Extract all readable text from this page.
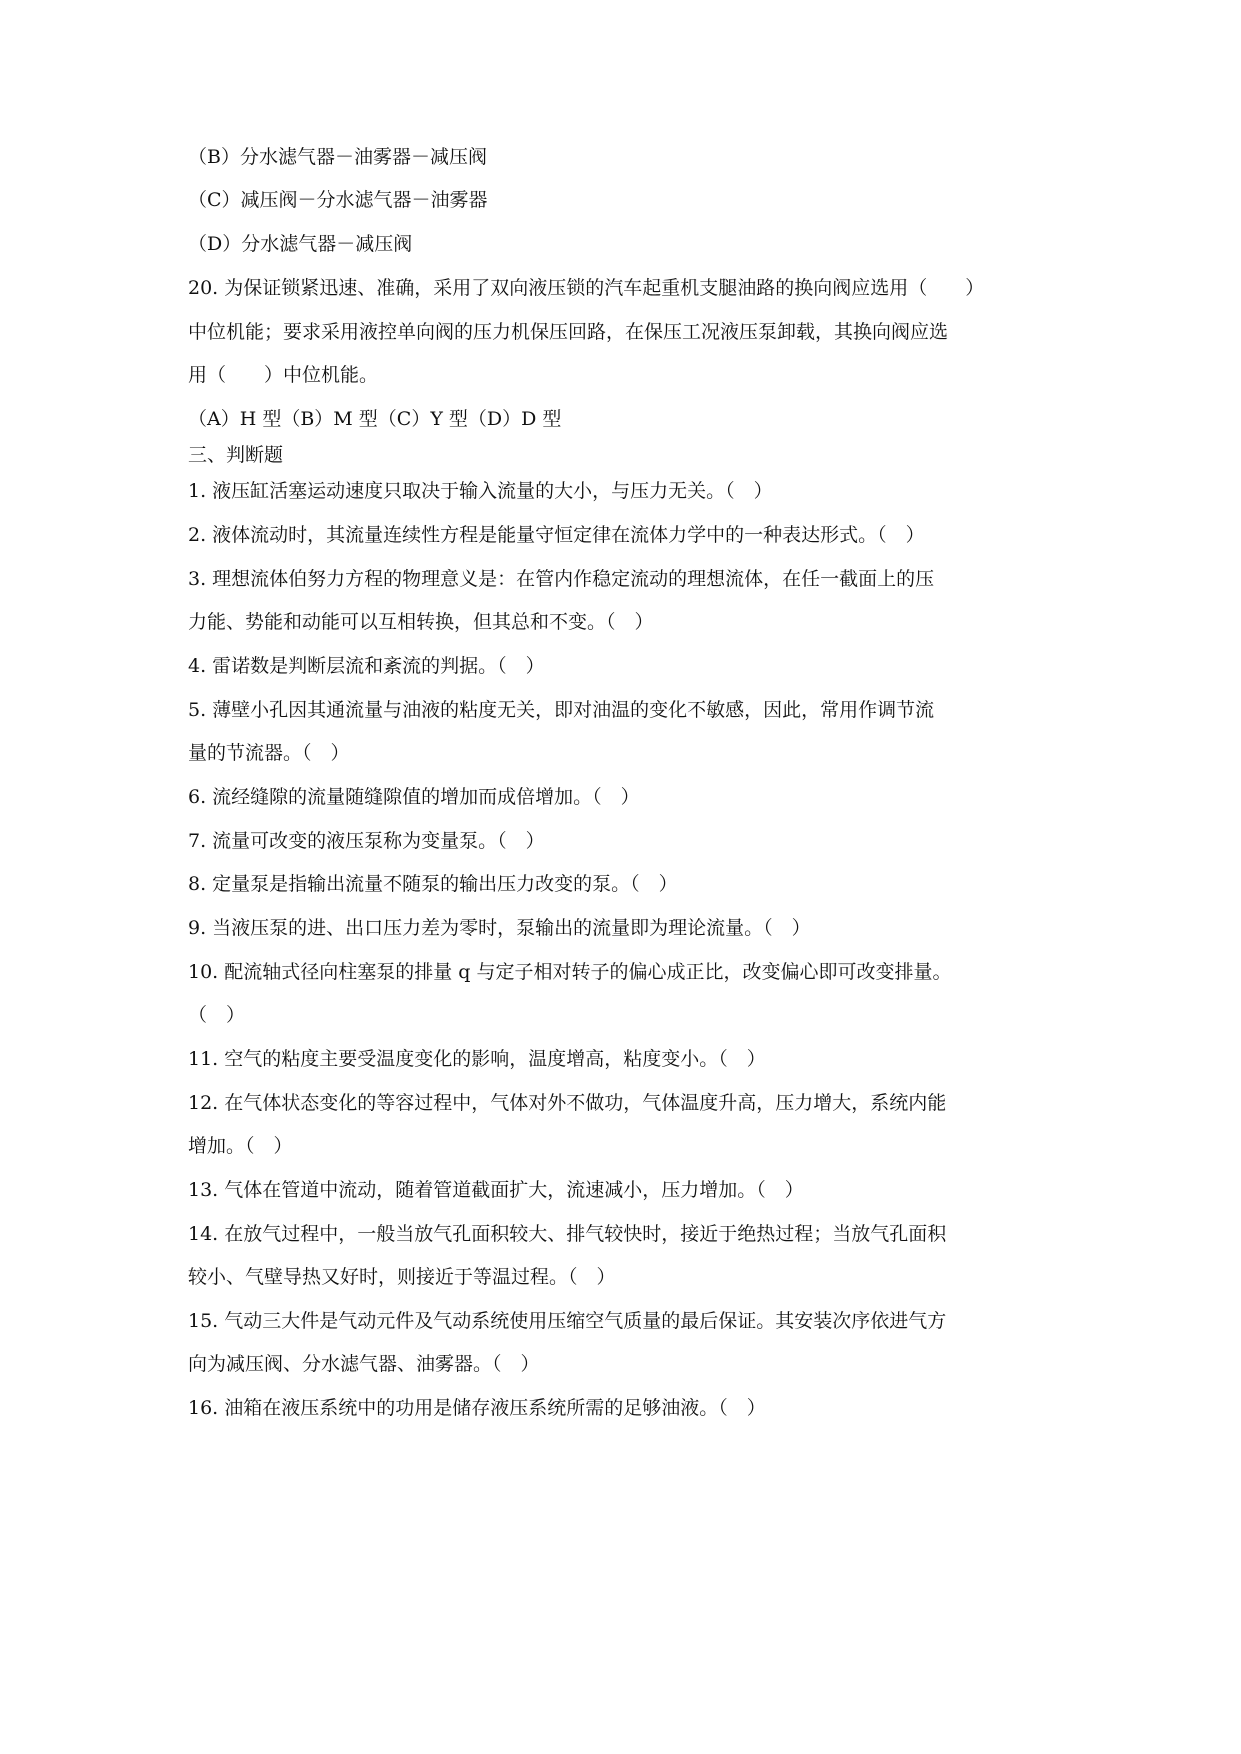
（B）分水滤气器－油雾器－减压阀
（C）减压阀－分水滤气器－油雾器
（D）分水滤气器－减压阀
20. 为保证锁紧迅速、准确，采用了双向液压锁的汽车起重机支腿油路的换向阀应选用（　　）
中位机能；要求采用液控单向阀的压力机保压回路，在保压工况液压泵卸载，其换向阀应选
用（　　）中位机能。
（A）H 型（B）M 型（C）Y 型（D）D 型
三、判断题
1. 液压缸活塞运动速度只取决于输入流量的大小，与压力无关。（　）
2. 液体流动时，其流量连续性方程是能量守恒定律在流体力学中的一种表达形式。（　）
3. 理想流体伯努力方程的物理意义是：在管内作稳定流动的理想流体，在任一截面上的压
力能、势能和动能可以互相转换，但其总和不变。（　）
4. 雷诺数是判断层流和紊流的判据。（　）
5. 薄壁小孔因其通流量与油液的粘度无关，即对油温的变化不敏感，因此，常用作调节流
量的节流器。（　）
6. 流经缝隙的流量随缝隙值的增加而成倍增加。（　）
7. 流量可改变的液压泵称为变量泵。（　）
8. 定量泵是指输出流量不随泵的输出压力改变的泵。（　）
9. 当液压泵的进、出口压力差为零时，泵输出的流量即为理论流量。（　）
10. 配流轴式径向柱塞泵的排量 q 与定子相对转子的偏心成正比，改变偏心即可改变排量。
（　）
11. 空气的粘度主要受温度变化的影响，温度增高，粘度变小。（　）
12. 在气体状态变化的等容过程中，气体对外不做功，气体温度升高，压力增大，系统内能
增加。（　）
13. 气体在管道中流动，随着管道截面扩大，流速减小，压力增加。（　）
14. 在放气过程中，一般当放气孔面积较大、排气较快时，接近于绝热过程；当放气孔面积
较小、气壁导热又好时，则接近于等温过程。（　）
15. 气动三大件是气动元件及气动系统使用压缩空气质量的最后保证。其安装次序依进气方
向为减压阀、分水滤气器、油雾器。（　）
16. 油箱在液压系统中的功用是储存液压系统所需的足够油液。（　）
